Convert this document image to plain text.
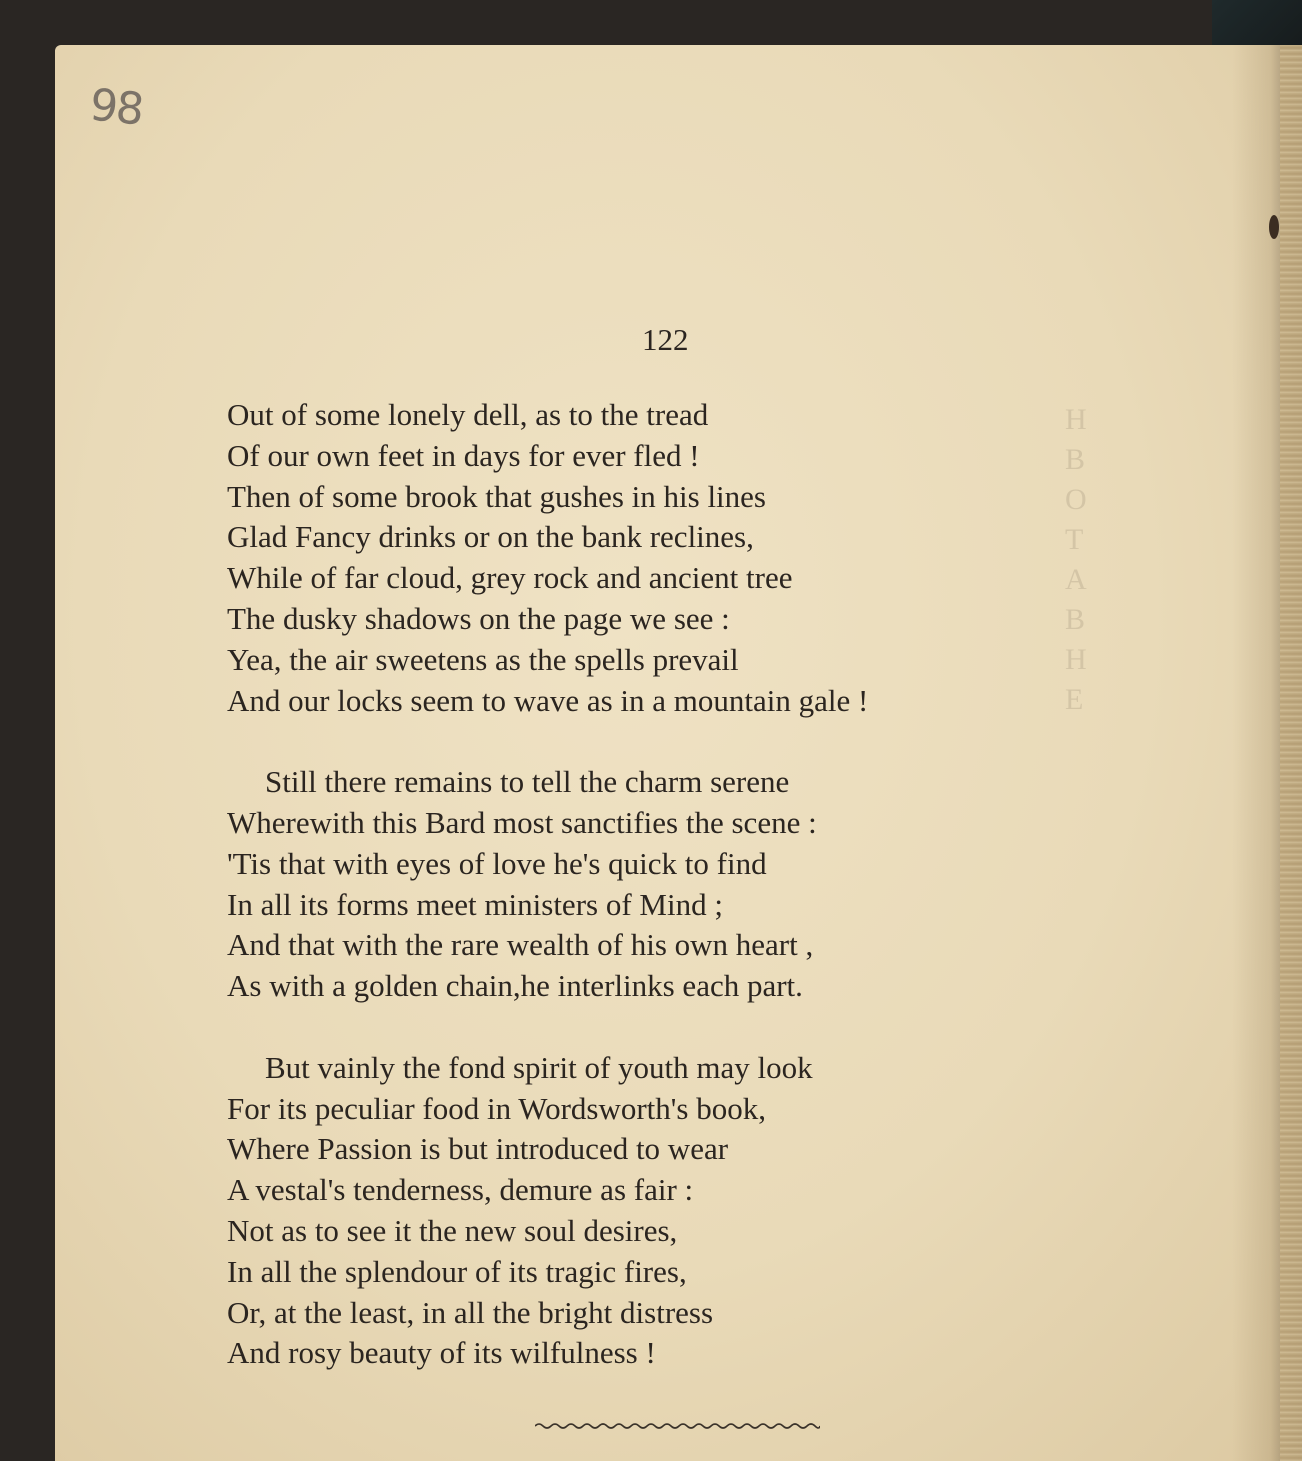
H
B
O
T
A
B
H
E
98
122
Out of some lonely dell, as to the tread
Of our own feet in days for ever fled !
Then of some brook that gushes in his lines
Glad Fancy drinks or on the bank reclines,
While of far cloud, grey rock and ancient tree
The dusky shadows on the page we see :
Yea, the air sweetens as the spells prevail
And our locks seem to wave as in a mountain gale !
Still there remains to tell the charm serene
Wherewith this Bard most sanctifies the scene :
'Tis that with eyes of love he's quick to find
In all its forms meet ministers of Mind ;
And that with the rare wealth of his own heart ,
As with a golden chain,he interlinks each part.
But vainly the fond spirit of youth may look
For its peculiar food in Wordsworth's book,
Where Passion is but introduced to wear
A vestal's tenderness, demure as fair :
Not as to see it the new soul desires,
In all the splendour of its tragic fires,
Or, at the least, in all the bright distress
And rosy beauty of its wilfulness !
